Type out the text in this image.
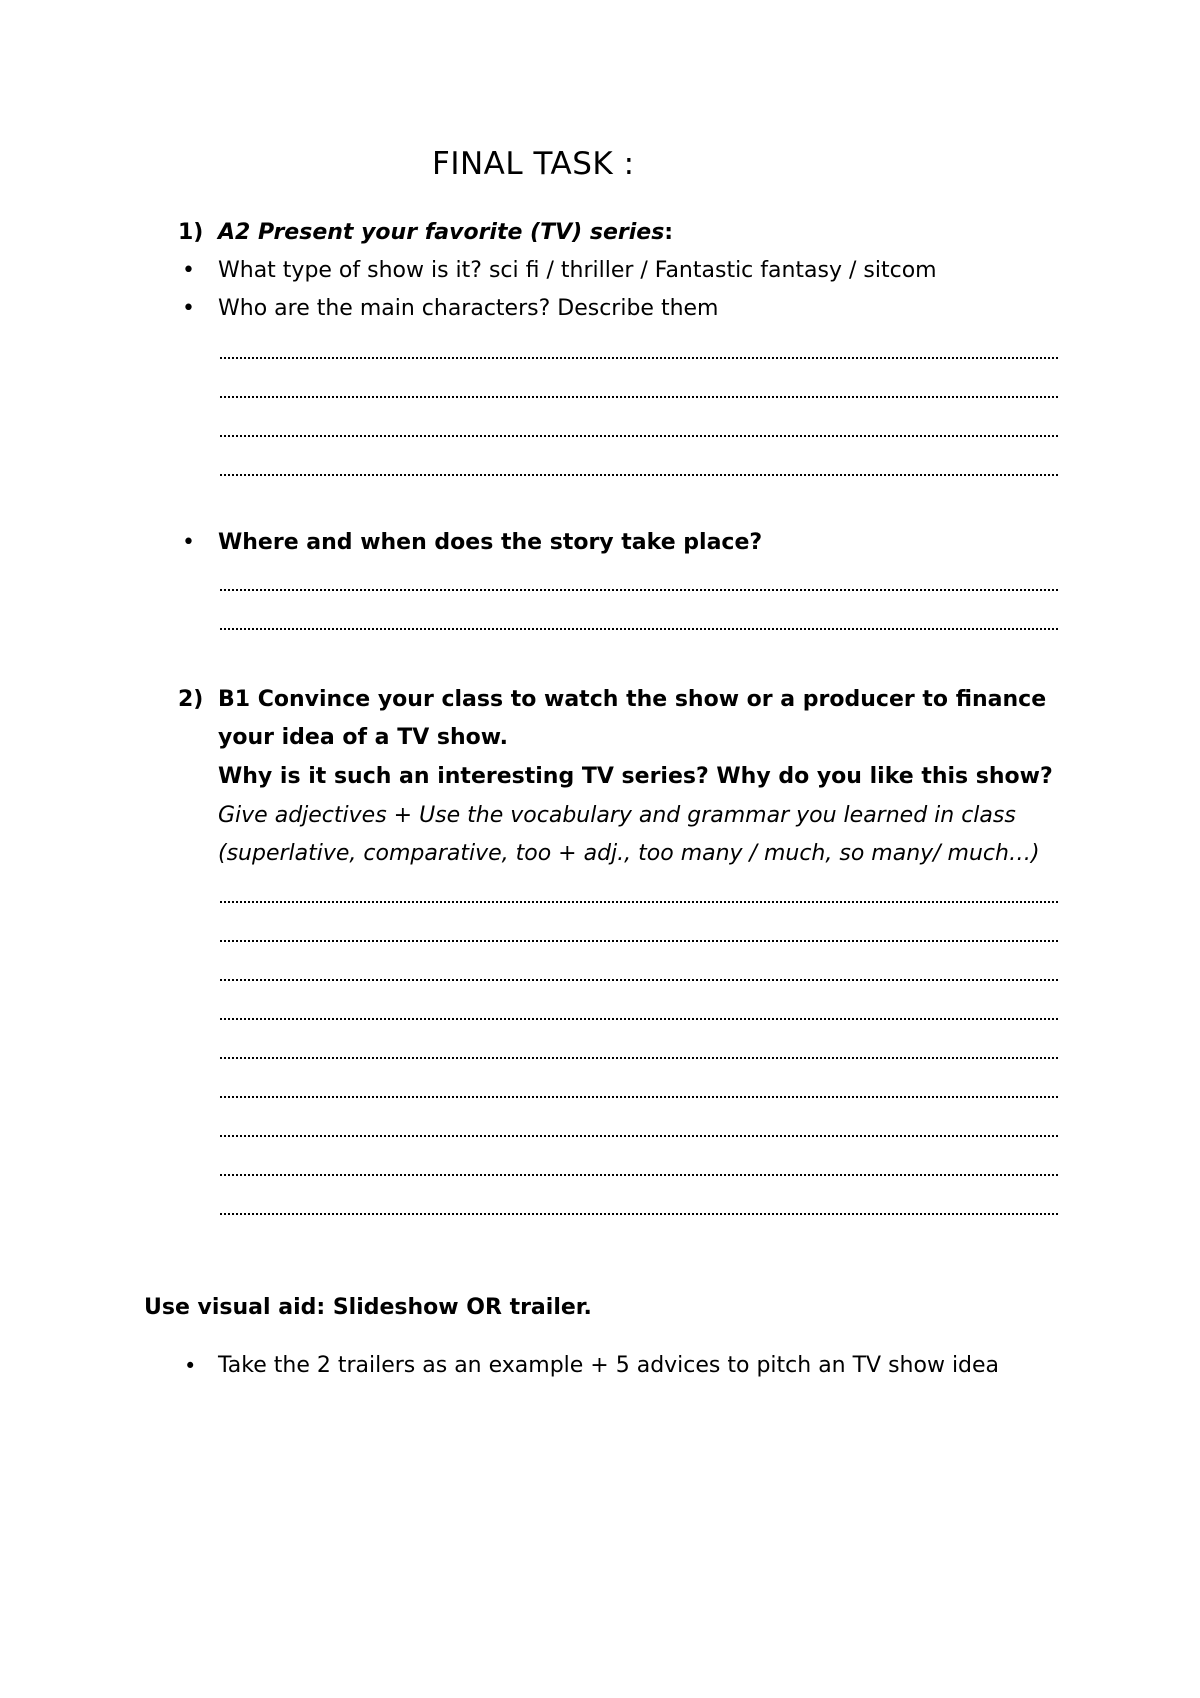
FINAL TASK :
1) A2 Present your favorite (TV) series:
• What type of show is it? sci fi / thriller / Fantastic fantasy / sitcom
• Who are the main characters? Describe them
• Where and when does the story take place?
2) B1 Convince your class to watch the show or a producer to finance
your idea of a TV show.
Why is it such an interesting TV series? Why do you like this show?
Give adjectives + Use the vocabulary and grammar you learned in class
(superlative, comparative, too + adj., too many / much, so many/ much…)
Use visual aid: Slideshow OR trailer.
• Take the 2 trailers as an example + 5 advices to pitch an TV show idea
